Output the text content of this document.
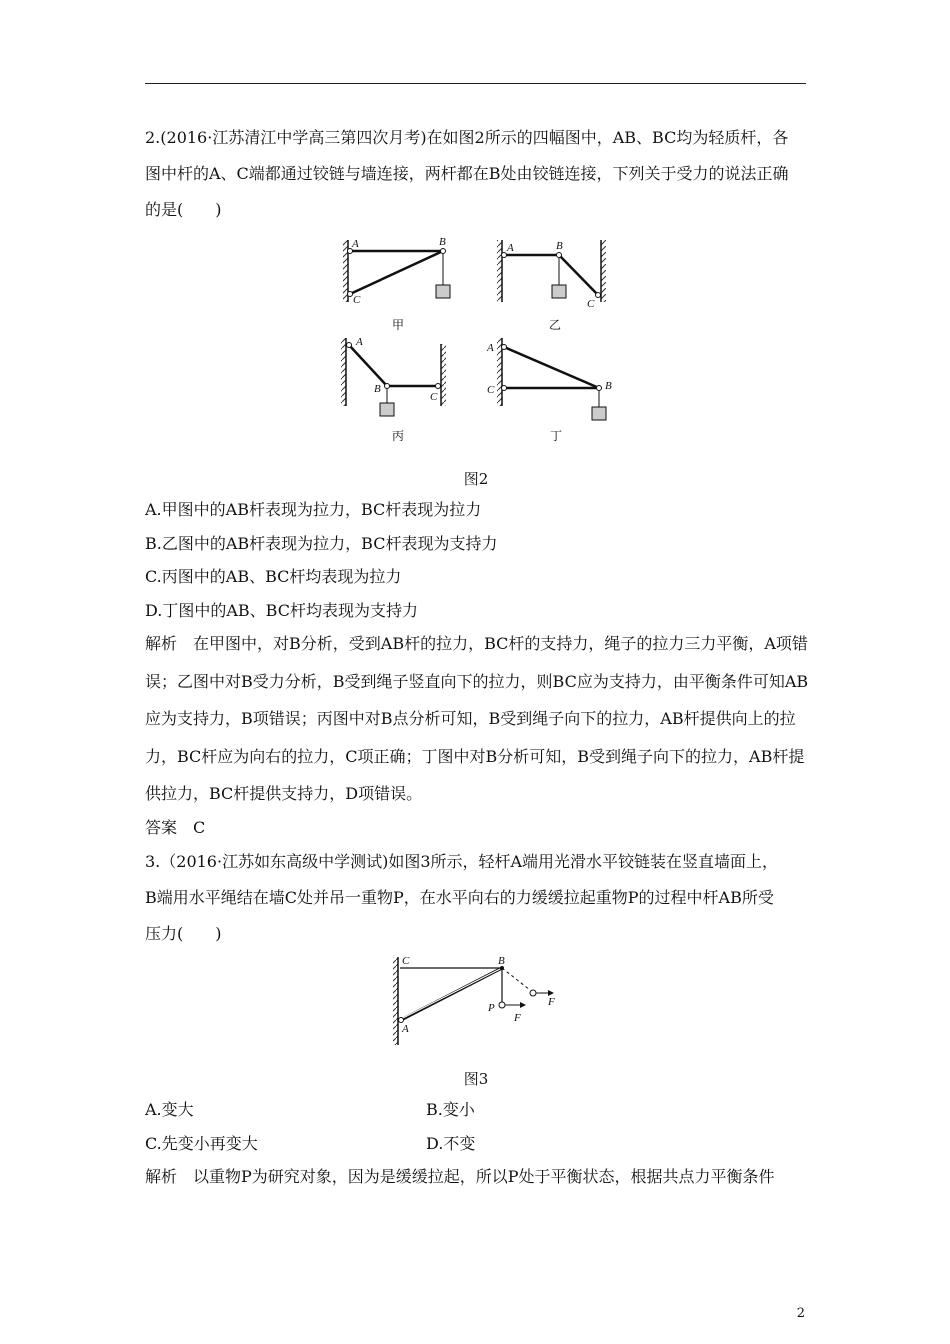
2.(2016·江苏清江中学高三第四次月考)在如图2所示的四幅图中，AB、BC均为轻质杆，各
图中杆的A、C端都通过铰链与墙连接，两杆都在B处由铰链连接，下列关于受力的说法正确
的是(　　)
A	B
C
甲
A	B
C
乙
A
B
C
丙
A
B
C
丁
C	B
A
P
F
F
图2
A.甲图中的AB杆表现为拉力，BC杆表现为拉力
B.乙图中的AB杆表现为拉力，BC杆表现为支持力
C.丙图中的AB、BC杆均表现为拉力
D.丁图中的AB、BC杆均表现为支持力
解析　在甲图中，对B分析，受到AB杆的拉力，BC杆的支持力，绳子的拉力三力平衡，A项错
误；乙图中对B受力分析，B受到绳子竖直向下的拉力，则BC应为支持力，由平衡条件可知AB
应为支持力，B项错误；丙图中对B点分析可知，B受到绳子向下的拉力，AB杆提供向上的拉
力，BC杆应为向右的拉力，C项正确；丁图中对B分析可知，B受到绳子向下的拉力，AB杆提
供拉力，BC杆提供支持力，D项错误。
答案　C
3.（2016·江苏如东高级中学测试)如图3所示，轻杆A端用光滑水平铰链装在竖直墙面上，
B端用水平绳结在墙C处并吊一重物P，在水平向右的力缓缓拉起重物P的过程中杆AB所受
压力(　　)
图3
A.变大	B.变小
C.先变小再变大	D.不变
解析　以重物P为研究对象，因为是缓缓拉起，所以P处于平衡状态，根据共点力平衡条件
2
